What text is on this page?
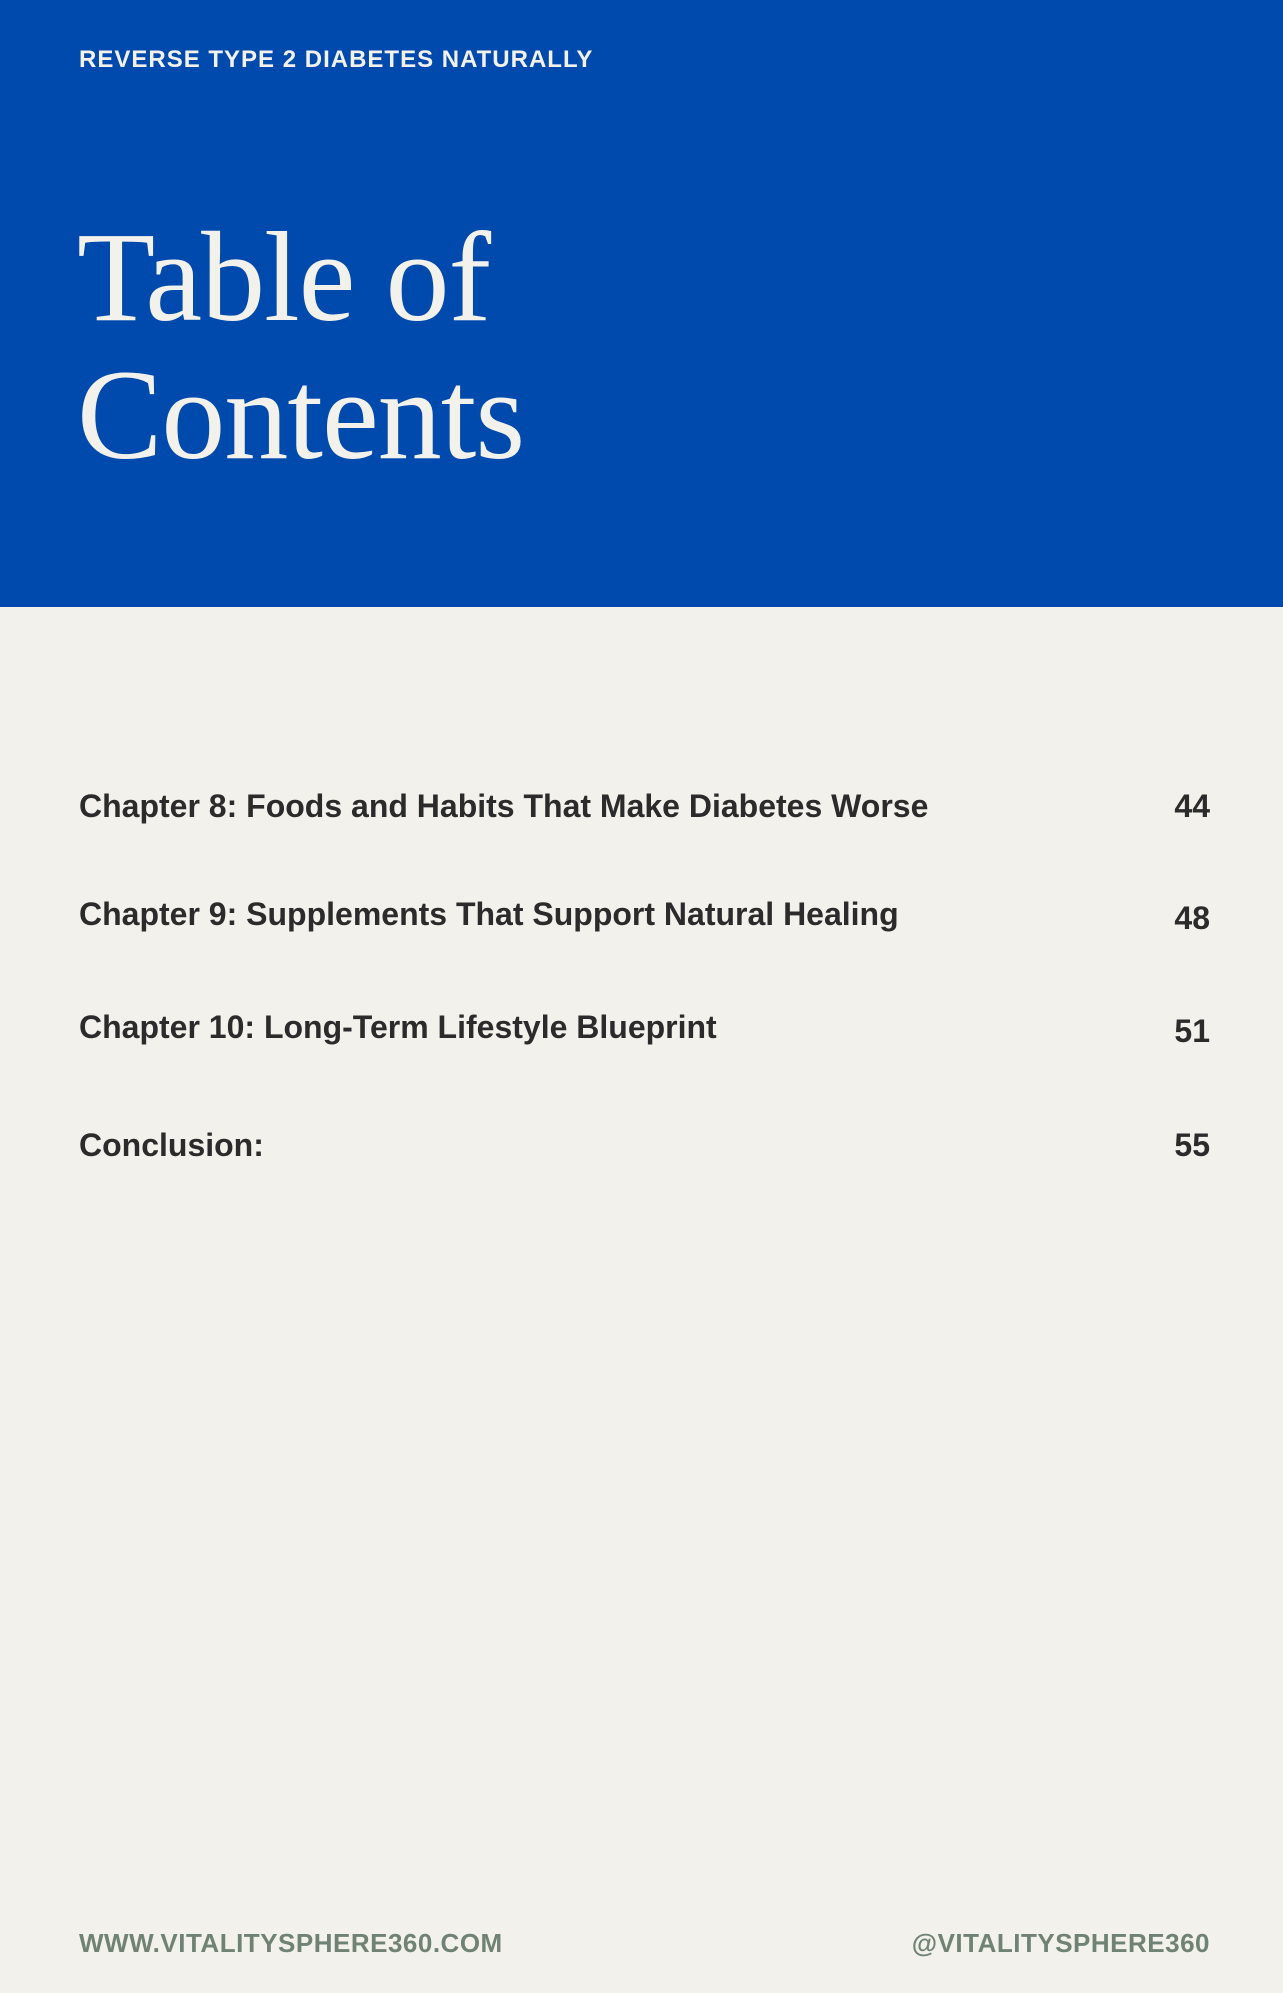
REVERSE TYPE 2 DIABETES NATURALLY
Table of
Contents
Chapter 8: Foods and Habits That Make Diabetes Worse	44
Chapter 9: Supplements That Support Natural Healing	48
Chapter 10: Long-Term Lifestyle Blueprint	51
Conclusion:	55
WWW.VITALITYSPHERE360.COM	@VITALITYSPHERE360
